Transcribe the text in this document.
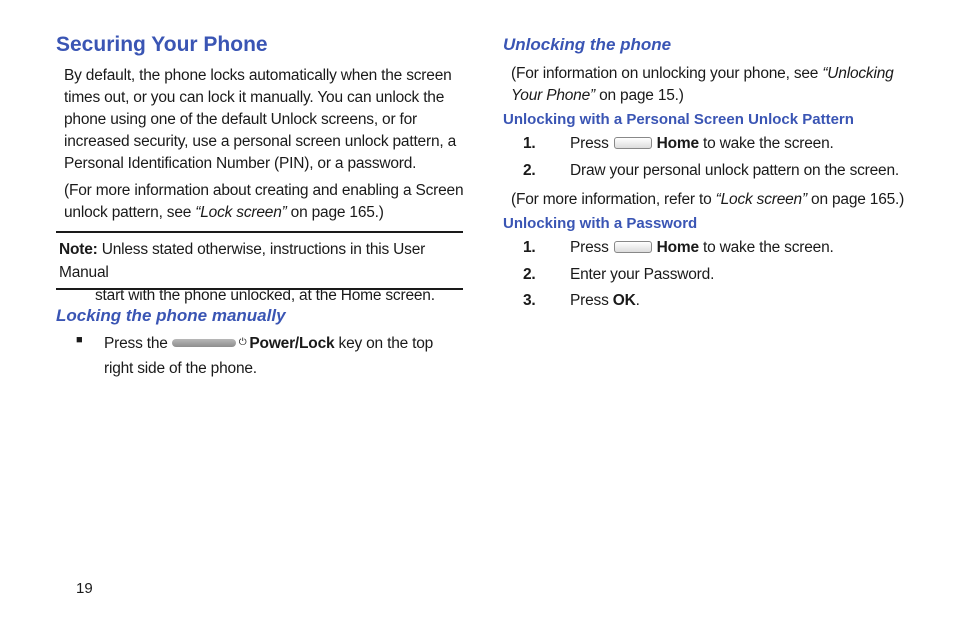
Securing Your Phone
By default, the phone locks automatically when the screen times out, or you can lock it manually. You can unlock the phone using one of the default Unlock screens, or for increased security, use a personal screen unlock pattern, a Personal Identification Number (PIN), or a password.
(For more information about creating and enabling a Screen unlock pattern, see “Lock screen” on page 165.)
Note: Unless stated otherwise, instructions in this User Manual
start with the phone unlocked, at the Home screen.
Locking the phone manually
■ Press the	⏻ Power/Lock key on the top right side of the phone.
Unlocking the phone
(For information on unlocking your phone, see “Unlocking Your Phone” on page 15.)
Unlocking with a Personal Screen Unlock Pattern
1. Press	Home to wake the screen.
2. Draw your personal unlock pattern on the screen.
(For more information, refer to “Lock screen” on page 165.)
Unlocking with a Password
1. Press	Home to wake the screen.
2. Enter your Password.
3. Press OK.
19
